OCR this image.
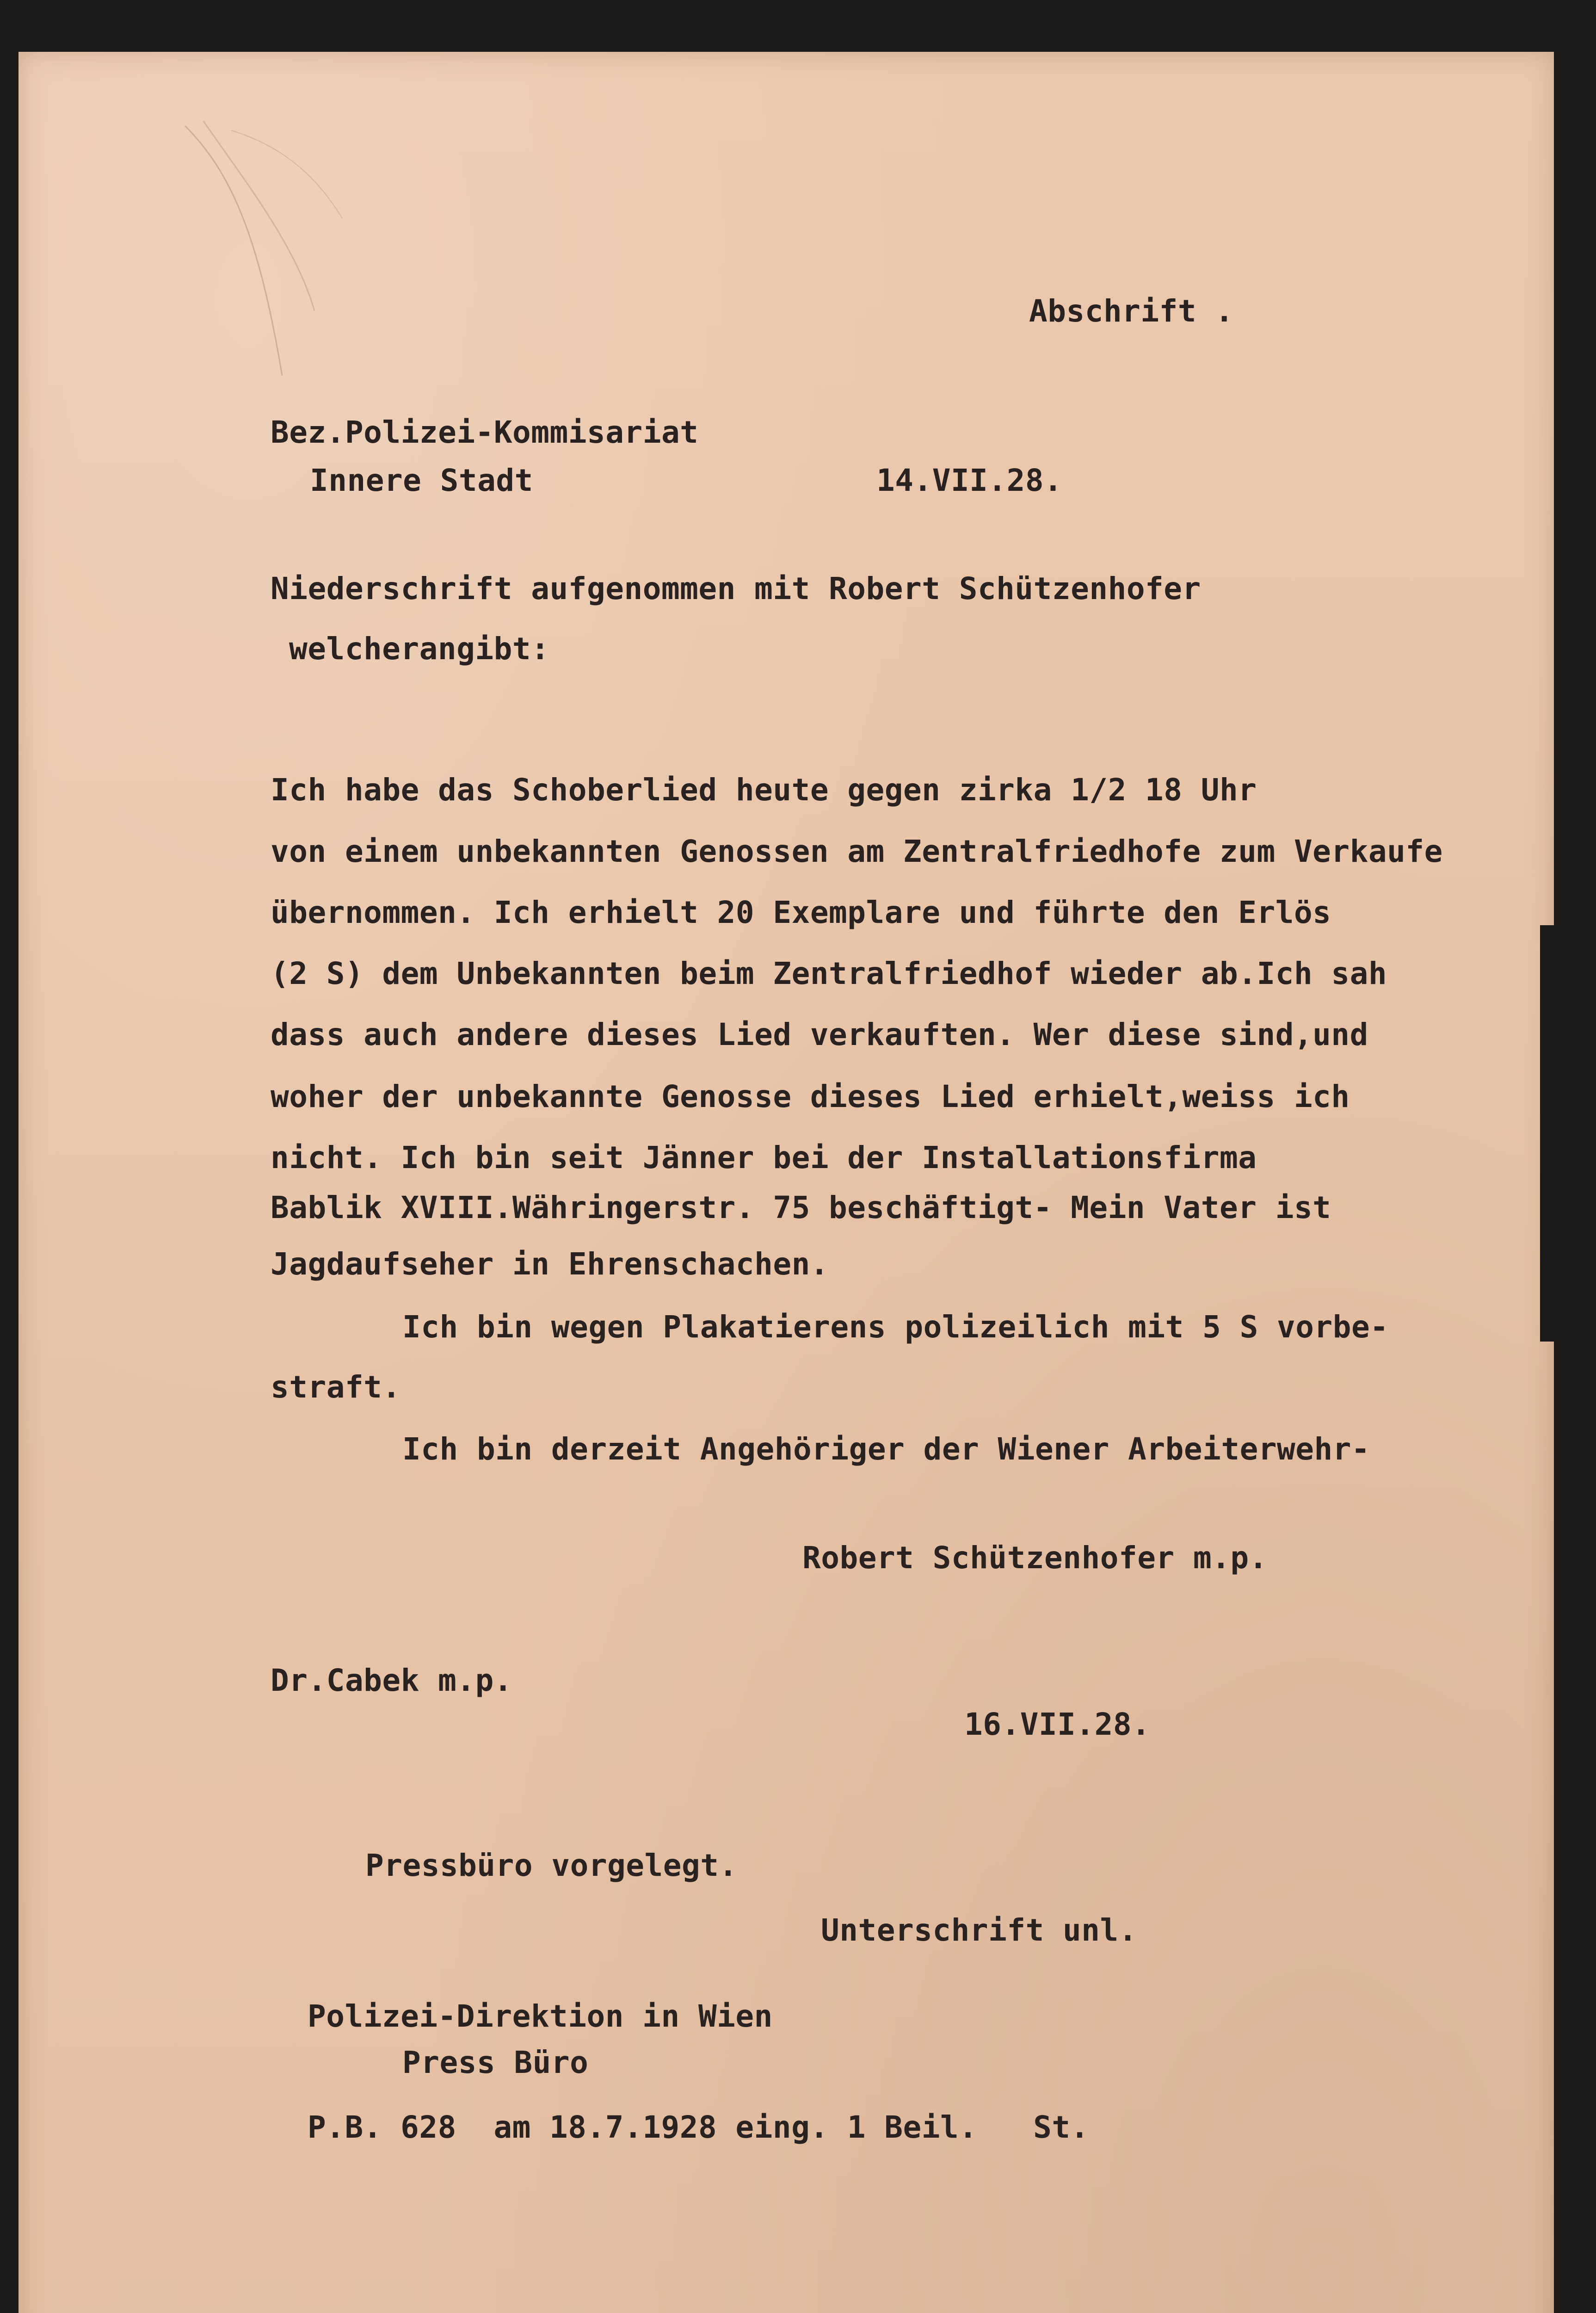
Abschrift .
Bez.Polizei-Kommisariat
Innere Stadt	14.VII.28.
Niederschrift aufgenommen mit Robert Schützenhofer
welcherangibt:
Ich habe das Schoberlied heute gegen zirka 1/2 18 Uhr
von einem unbekannten Genossen am Zentralfriedhofe zum Verkaufe
übernommen. Ich erhielt 20 Exemplare und führte den Erlös
(2 S) dem Unbekannten beim Zentralfriedhof wieder ab.Ich sah
dass auch andere dieses Lied verkauften. Wer diese sind,und
woher der unbekannte Genosse dieses Lied erhielt,weiss ich
nicht. Ich bin seit Jänner bei der Installationsfirma
Bablik XVIII.Währingerstr. 75 beschäftigt- Mein Vater ist
Jagdaufseher in Ehrenschachen.
Ich bin wegen Plakatierens polizeilich mit 5 S vorbe-
straft.
Ich bin derzeit Angehöriger der Wiener Arbeiterwehr-
Robert Schützenhofer m.p.
Dr.Cabek m.p.
16.VII.28.
Pressbüro vorgelegt.
Unterschrift unl.
Polizei-Direktion in Wien
Press Büro
P.B. 628  am 18.7.1928 eing. 1 Beil.   St.
